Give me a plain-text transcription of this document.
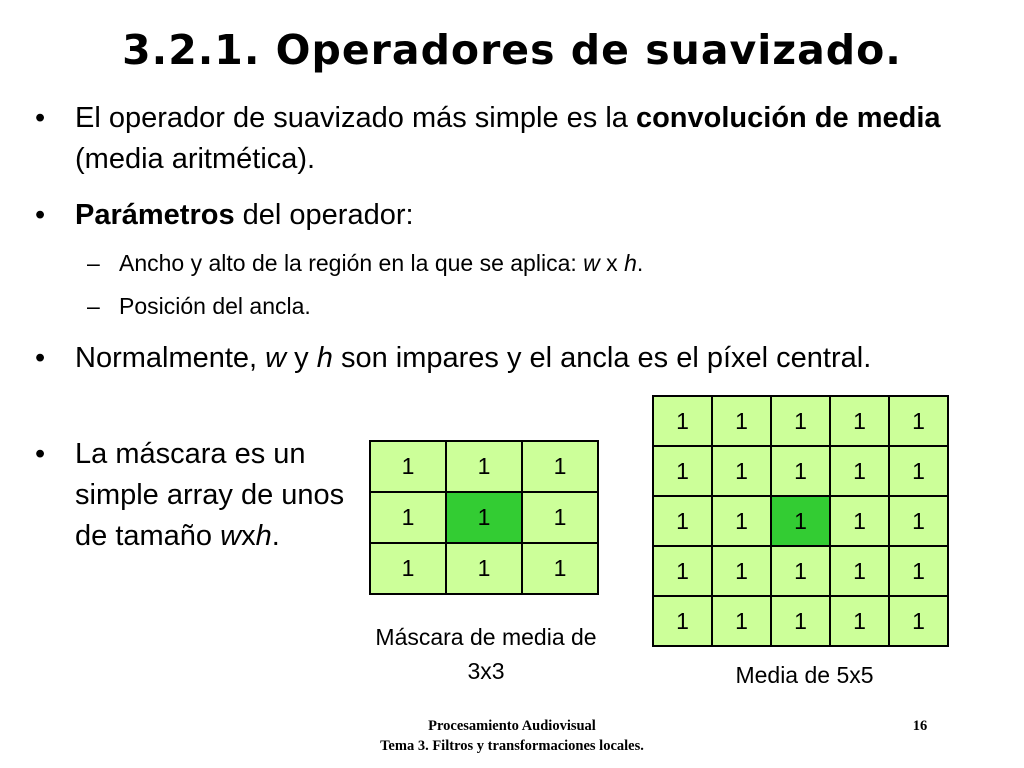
3.2.1. Operadores de suavizado.
• El operador de suavizado más simple es la convolución de media (media aritmética).
• Parámetros del operador:
– Ancho y alto de la región en la que se aplica: w x h.
– Posición del ancla.
• Normalmente, w y h son impares y el ancla es el píxel central.
• La máscara es un simple array de unos de tamaño wxh.
1	1	1
1	1	1
1	1	1
Máscara de media de 3x3
1	1	1	1	1
1	1	1	1	1
1	1	1	1	1
1	1	1	1	1
1	1	1	1	1
Media de 5x5
Procesamiento Audiovisual
Tema 3. Filtros y transformaciones locales.
16
